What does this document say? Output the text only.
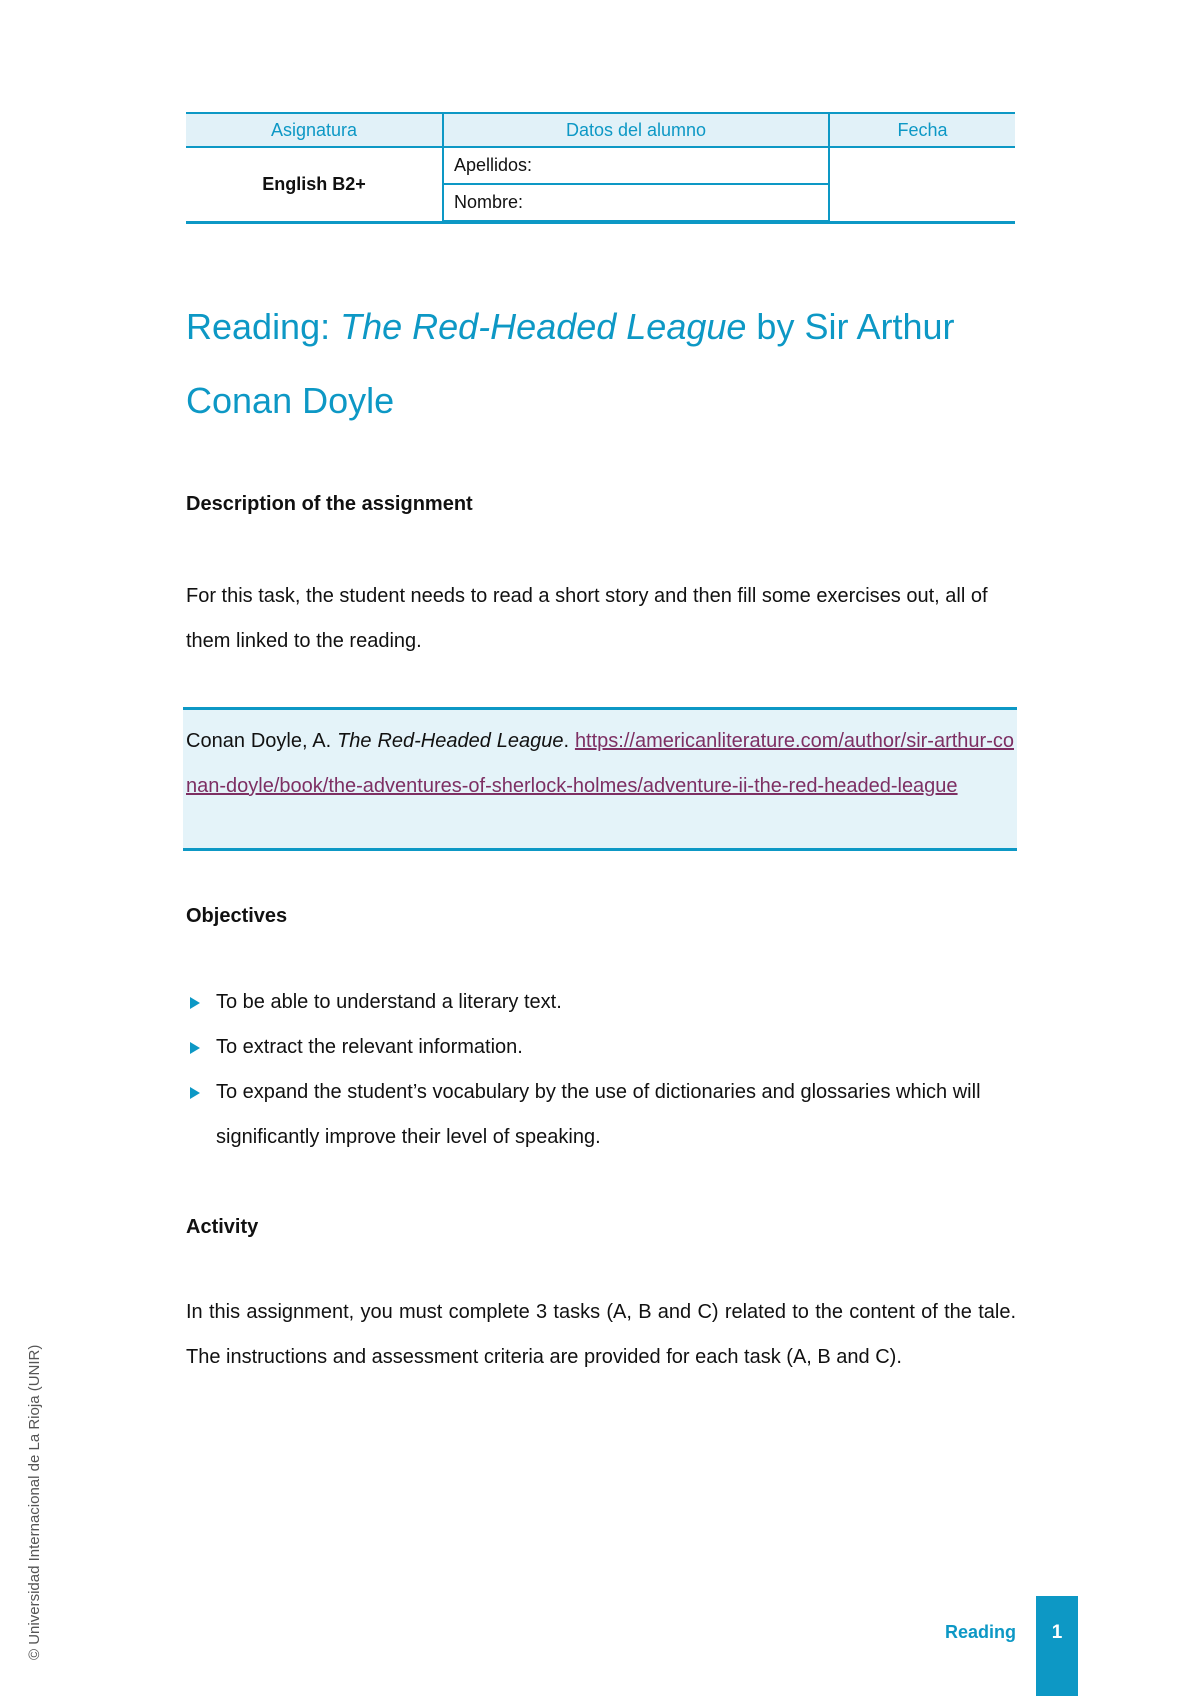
Asignatura	Datos del alumno	Fecha
English B2+	Apellidos:	
	Nombre:	
Reading: The Red-Headed League by Sir Arthur Conan Doyle
Description of the assignment

For this task, the student needs to read a short story and then fill some exercises out, all of them linked to the reading.

Conan Doyle, A. The Red-Headed League. https://americanliterature.com/author/sir-arthur-conan-doyle/book/the-adventures-of-sherlock-holmes/adventure-ii-the-red-headed-league

Objectives
To be able to understand a literary text.
To extract the relevant information.
To expand the student’s vocabulary by the use of dictionaries and glossaries which will significantly improve their level of speaking.
Activity

In this assignment, you must complete 3 tasks (A, B and C) related to the content of the tale. The instructions and assessment criteria are provided for each task (A, B and C).

© Universidad Internacional de La Rioja (UNIR)	Reading	1
